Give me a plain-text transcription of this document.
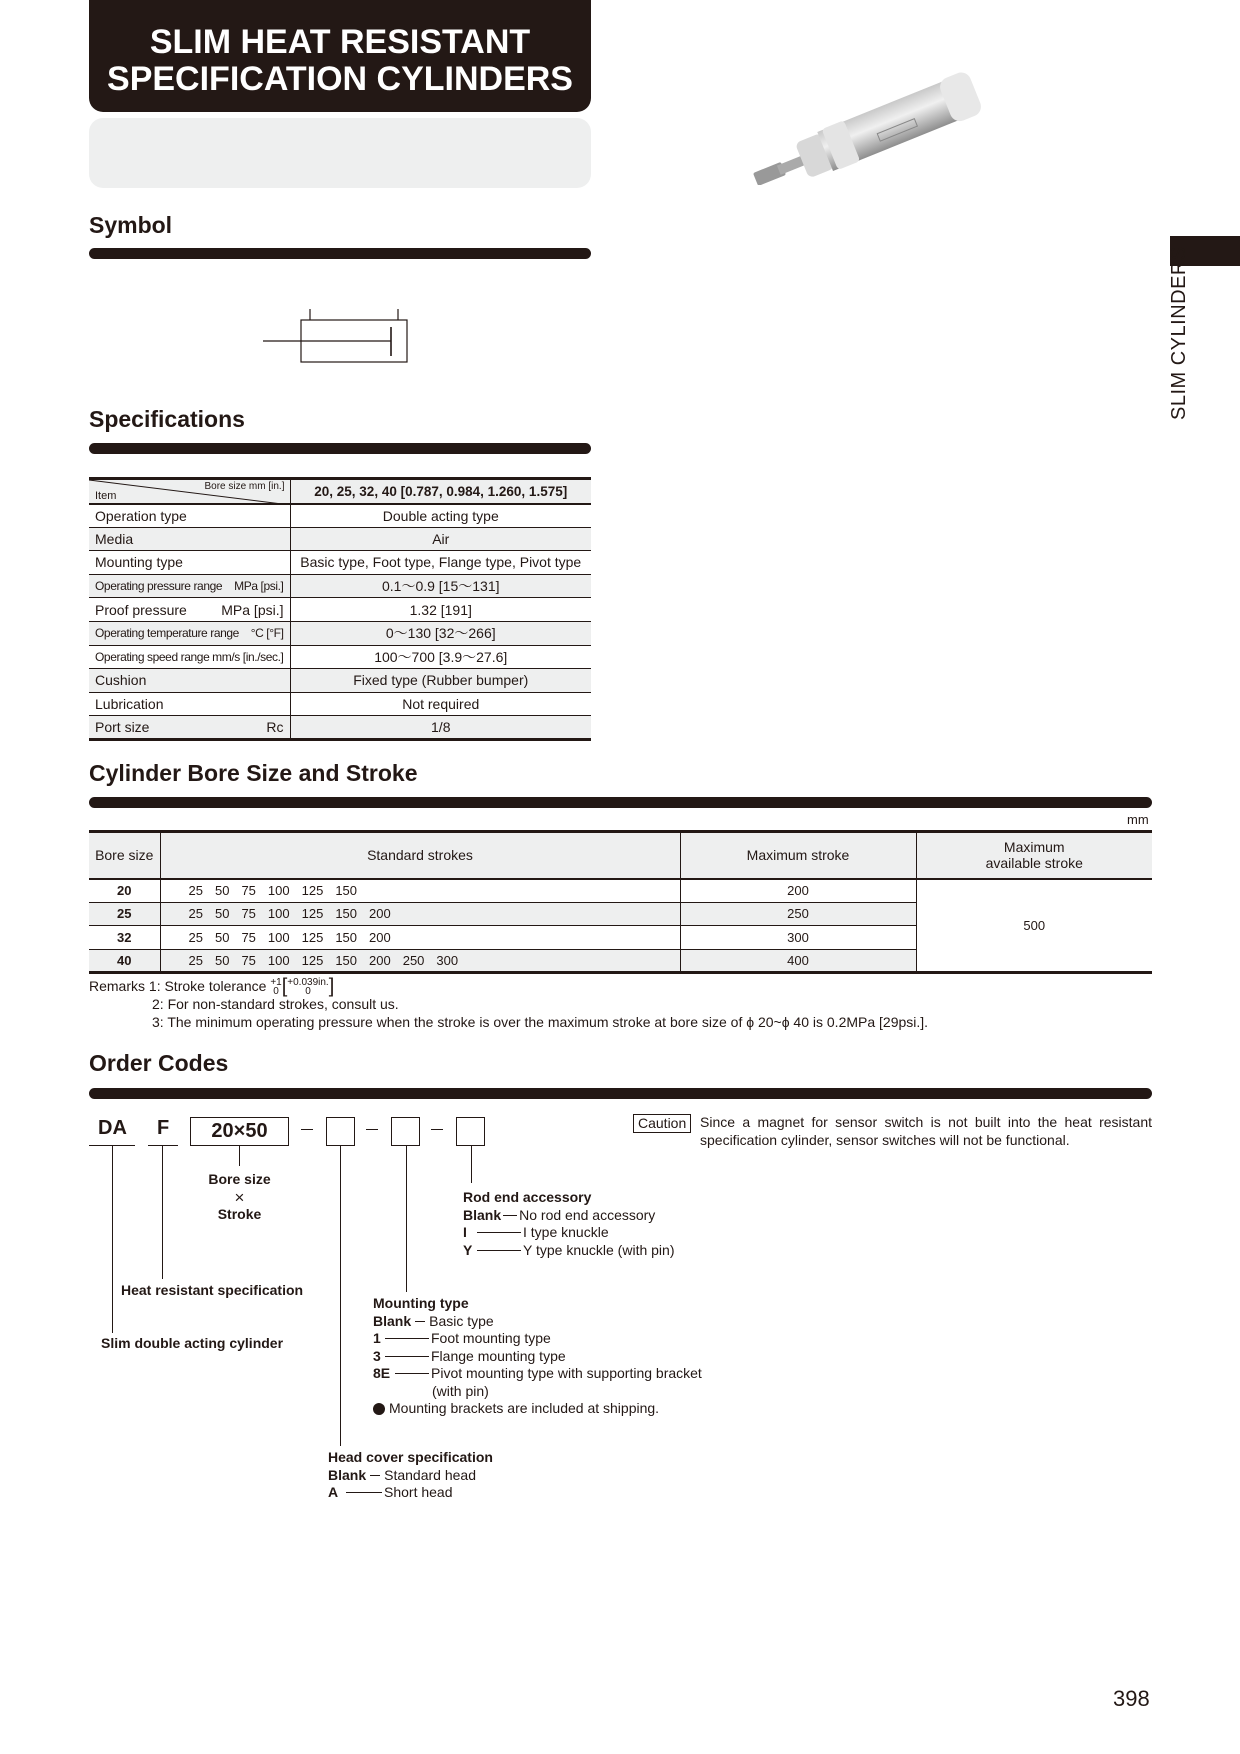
SLIM HEAT RESISTANT
SPECIFICATION CYLINDERS
SLIM CYLINDERS
Symbol
Specifications
Bore size mm [in.]
Item	20, 25, 32, 40 [0.787, 0.984, 1.260, 1.575]

Operation type	Double acting type

Media	Air

Mounting type	Basic type, Foot type, Flange type, Pivot type

Operating pressure range MPa [psi.]	0.1～0.9 [15～131]

Proof pressure MPa [psi.]	1.32 [191]

Operating temperature range °C [°F]	0～130 [32～266]

Operating speed range mm/s [in./sec.]	100～700 [3.9～27.6]

Cushion	Fixed type (Rubber bumper)

Lubrication	Not required

Port size Rc	1/8
Cylinder Bore Size and Stroke
mm
Bore size	Standard strokes	Maximum stroke	Maximum
available stroke

20	25 50 75 100 125 150	200	500
25	25 50 75 100 125 150 200	250	
32	25 50 75 100 125 150 200	300	
40	25 50 75 100 125 150 200 250 300	400	
Remarks 1: Stroke tolerance +1
0 [+0.039in.
0 ]
2: For non-standard strokes, consult us.
3: The minimum operating pressure when the stroke is over the maximum stroke at bore size of ϕ 20~ϕ 40 is 0.2MPa [29psi.].
Order Codes
DA F	20×50
Bore size
×
Stroke
Heat resistant specification
Slim double acting cylinder
Rod end accessory
Blank No rod end accessory
I	I type knuckle
Y	Y type knuckle (with pin)
Mounting type
Blank Basic type
1	Foot mounting type
3	Flange mounting type
8E	Pivot mounting type with supporting bracket
(with pin)
Mounting brackets are included at shipping.
Head cover specification
Blank Standard head
A	Short head
Caution Since a magnet for sensor switch is not built into the heat resistant specification cylinder, sensor switches will not be functional.
398
